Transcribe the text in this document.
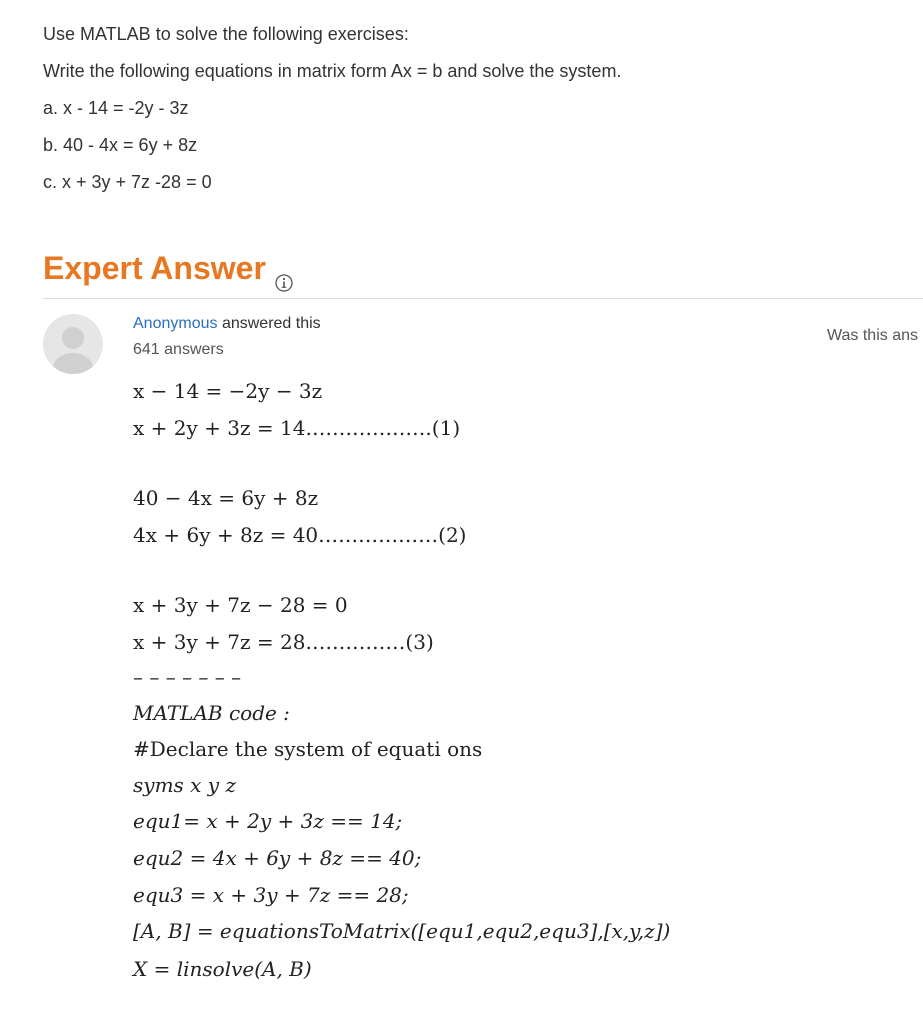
Use MATLAB to solve the following exercises:
Write the following equations in matrix form Ax = b and solve the system.
a. x - 14 = -2y - 3z
b. 40 - 4x = 6y + 8z
c. x + 3y + 7z -28 = 0
Expert Answer
Anonymous answered this
641 answers
Was this ans
x − 14 = −2y − 3z
x + 2y + 3z = 14……………….(1)
40 − 4x = 6y + 8z
4x + 6y + 8z = 40………………(2)
x + 3y + 7z − 28 = 0
x + 3y + 7z = 28……………(3)
– – – – – – –
MATLAB code :
#Declare the system of equati ons
syms x y z
equ1= x + 2y + 3z == 14;
equ2 = 4x + 6y + 8z == 40;
equ3 = x + 3y + 7z == 28;
[A, B] = equationsToMatrix([equ1,equ2,equ3],[x,y,z])
X = linsolve(A, B)
